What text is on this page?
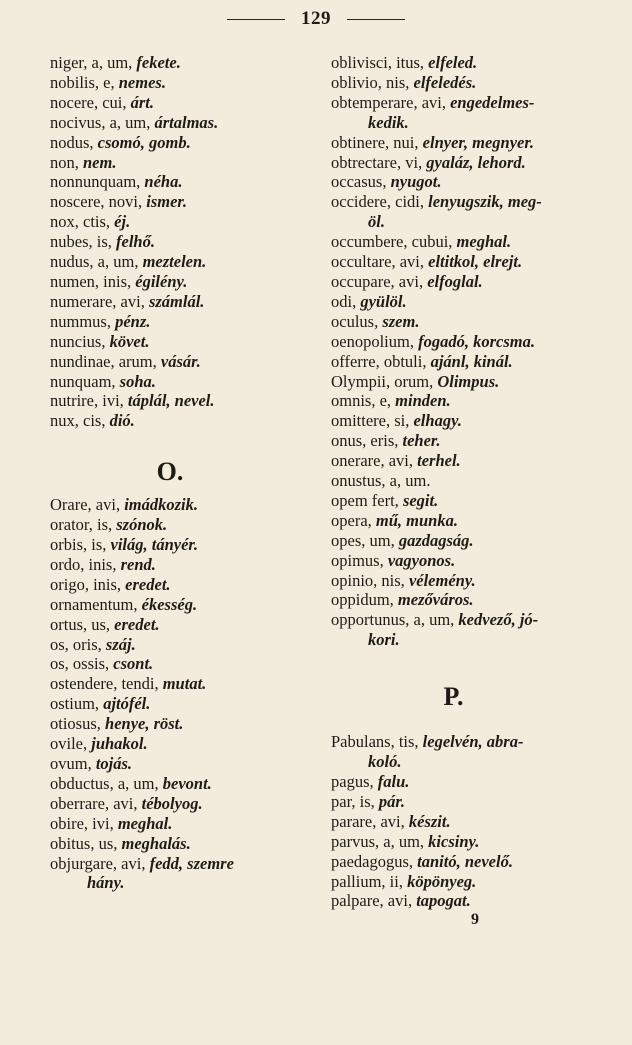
129
niger, a, um, fekete.
nobilis, e, nemes.
nocere, cui, árt.
nocivus, a, um, ártalmas.
nodus, csomó, gomb.
non, nem.
nonnunquam, néha.
noscere, novi, ismer.
nox, ctis, éj.
nubes, is, felhő.
nudus, a, um, meztelen.
numen, inis, égilény.
numerare, avi, számlál.
nummus, pénz.
nuncius, követ.
nundinae, arum, vásár.
nunquam, soha.
nutrire, ivi, táplál, nevel.
nux, cis, dió.
O.
Orare, avi, imádkozik.
orator, is, szónok.
orbis, is, világ, tányér.
ordo, inis, rend.
origo, inis, eredet.
ornamentum, ékesség.
ortus, us, eredet.
os, oris, száj.
os, ossis, csont.
ostendere, tendi, mutat.
ostium, ajtófél.
otiosus, henye, röst.
ovile, juhakol.
ovum, tojás.
obductus, a, um, bevont.
oberrare, avi, tébolyog.
obire, ivi, meghal.
obitus, us, meghalás.
objurgare, avi, fedd, szemre
hány.
oblivisci, itus, elfeled.
oblivio, nis, elfeledés.
obtemperare, avi, engedelmes-
kedik.
obtinere, nui, elnyer, megnyer.
obtrectare, vi, gyaláz, lehord.
occasus, nyugot.
occidere, cidi, lenyugszik, meg-
öl.
occumbere, cubui, meghal.
occultare, avi, eltitkol, elrejt.
occupare, avi, elfoglal.
odi, gyülöl.
oculus, szem.
oenopolium, fogadó, korcsma.
offerre, obtuli, ajánl, kinál.
Olympii, orum, Olimpus.
omnis, e, minden.
omittere, si, elhagy.
onus, eris, teher.
onerare, avi, terhel.
onustus, a, um.
opem fert, segit.
opera, mű, munka.
opes, um, gazdagság.
opimus, vagyonos.
opinio, nis, vélemény.
oppidum, mezőváros.
opportunus, a, um, kedvező, jó-
kori.
P.
Pabulans, tis, legelvén, abra-
koló.
pagus, falu.
par, is, pár.
parare, avi, készit.
parvus, a, um, kicsiny.
paedagogus, tanitó, nevelő.
pallium, ii, köpönyeg.
palpare, avi, tapogat.
9
